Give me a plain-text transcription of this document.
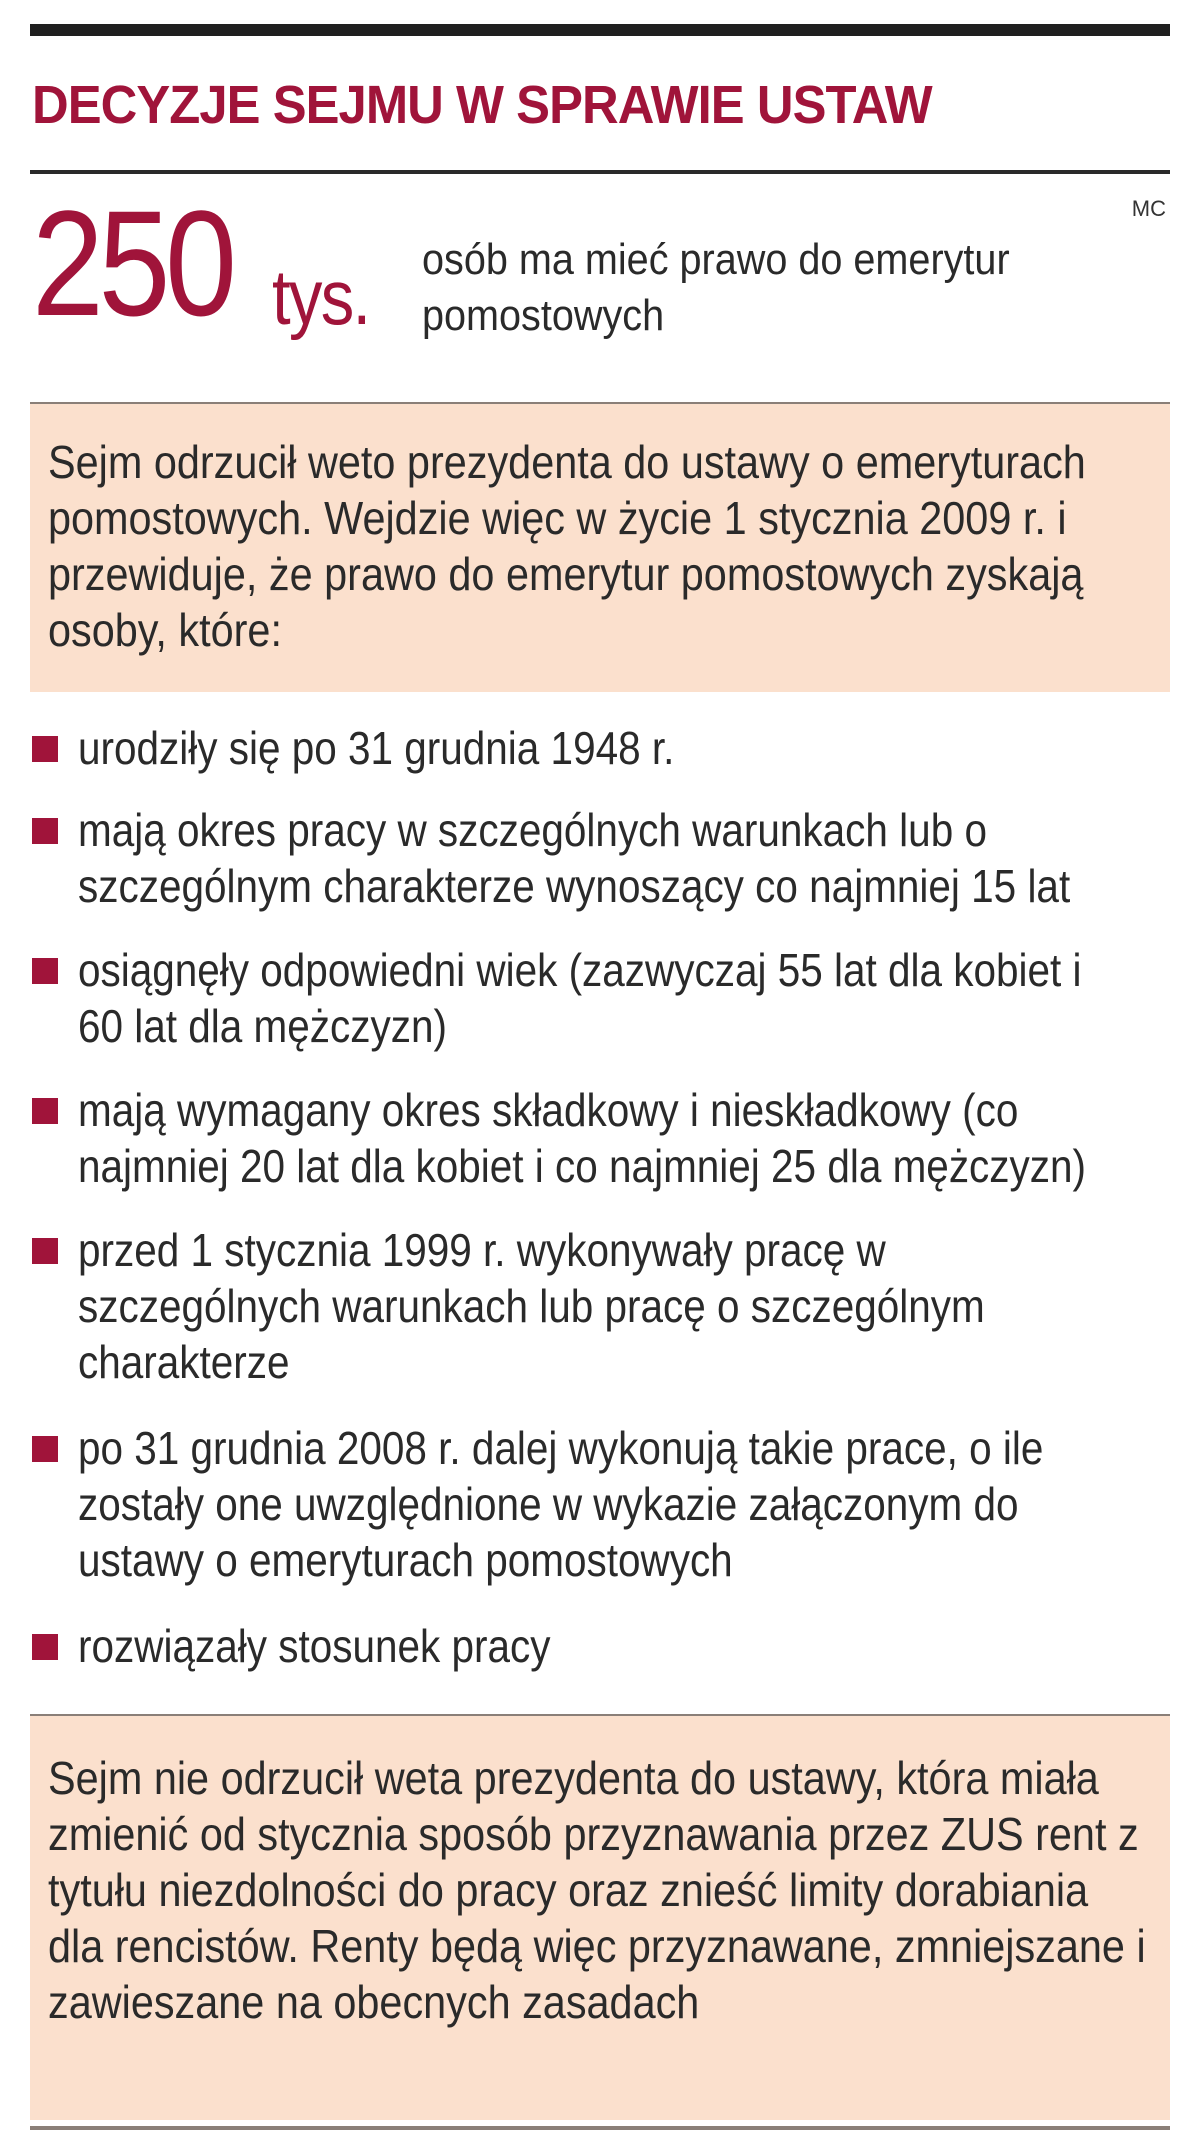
DECYZJE SEJMU W SPRAWIE USTAW
MC
250 tys. osób ma mieć prawo do emerytur pomostowych

Sejm odrzucił weto prezydenta do ustawy o emeryturach pomostowych. Wejdzie więc w życie 1 stycznia 2009 r. i przewiduje, że prawo do emerytur pomostowych zyskają osoby, które:

urodziły się po 31 grudnia 1948 r.
mają okres pracy w szczególnych warunkach lub o szczególnym charakterze wynoszący co najmniej 15 lat
osiągnęły odpowiedni wiek (zazwyczaj 55 lat dla kobiet i 60 lat dla mężczyzn)
mają wymagany okres składkowy i nieskładkowy (co najmniej 20 lat dla kobiet i co najmniej 25 dla mężczyzn)
przed 1 stycznia 1999 r. wykonywały pracę w szczególnych warunkach lub pracę o szczególnym charakterze
po 31 grudnia 2008 r. dalej wykonują takie prace, o ile zostały one uwzględnione w wykazie załączonym do ustawy o emeryturach pomostowych
rozwiązały stosunek pracy

Sejm nie odrzucił weta prezydenta do ustawy, która miała zmienić od stycznia sposób przyznawania przez ZUS rent z tytułu niezdolności do pracy oraz znieść limity dorabiania dla rencistów. Renty będą więc przyznawane, zmniejszane i zawieszane na obecnych zasadach
